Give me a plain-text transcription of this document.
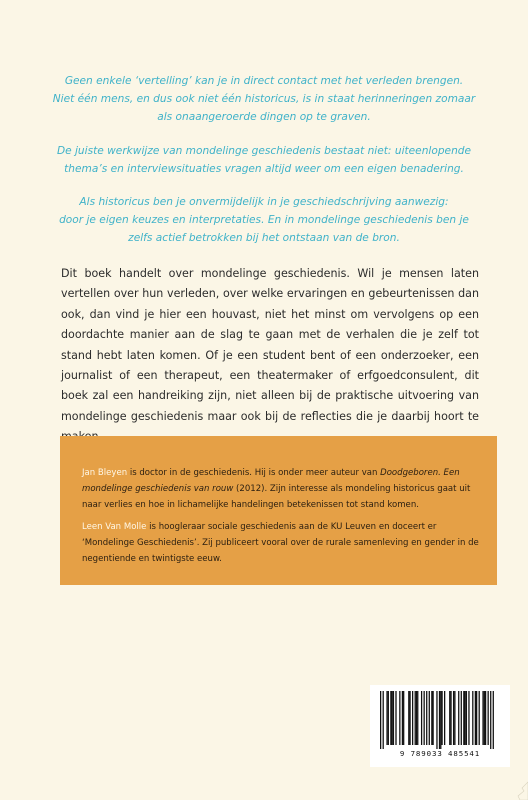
Geen enkele ‘vertelling’ kan je in direct contact met het verleden brengen.
Niet één mens, en dus ook niet één historicus, is in staat herinneringen zomaar
als onaangeroerde dingen op te graven.

De juiste werkwijze van mondelinge geschiedenis bestaat niet: uiteenlopende
thema’s en interviewsituaties vragen altijd weer om een eigen benadering.

Als historicus ben je onvermijdelijk in je geschiedschrijving aanwezig:
door je eigen keuzes en interpretaties. En in mondelinge geschiedenis ben je
zelfs actief betrokken bij het ontstaan van de bron.

Dit boek handelt over mondelinge geschiedenis. Wil je mensen laten vertellen over hun verleden, over welke ervaringen en gebeurtenissen dan ook, dan vind je hier een houvast, niet het minst om vervolgens op een doordachte manier aan de slag te gaan met de verhalen die je zelf tot stand hebt laten komen. Of je een student bent of een onderzoeker, een journalist of een therapeut, een theatermaker of erfgoedconsulent, dit boek zal een handreiking zijn, niet alleen bij de praktische uitvoering van mondelinge geschiedenis maar ook bij de reflecties die je daarbij hoort te

Jan Bleyen is doctor in de geschiedenis. Hij is onder meer auteur van Doodgeboren. Een mondelinge geschiedenis van rouw (2012). Zijn interesse als mondeling historicus gaat uit naar verlies en hoe in lichamelijke handelingen betekenissen tot stand komen.

Leen Van Molle is hoogleraar sociale geschiedenis aan de KU Leuven en doceert er ‘Mondelinge Geschiedenis’. Zij publiceert vooral over de rurale samenleving en gender in de negentiende en twintigste eeuw.

9 789033 485541
